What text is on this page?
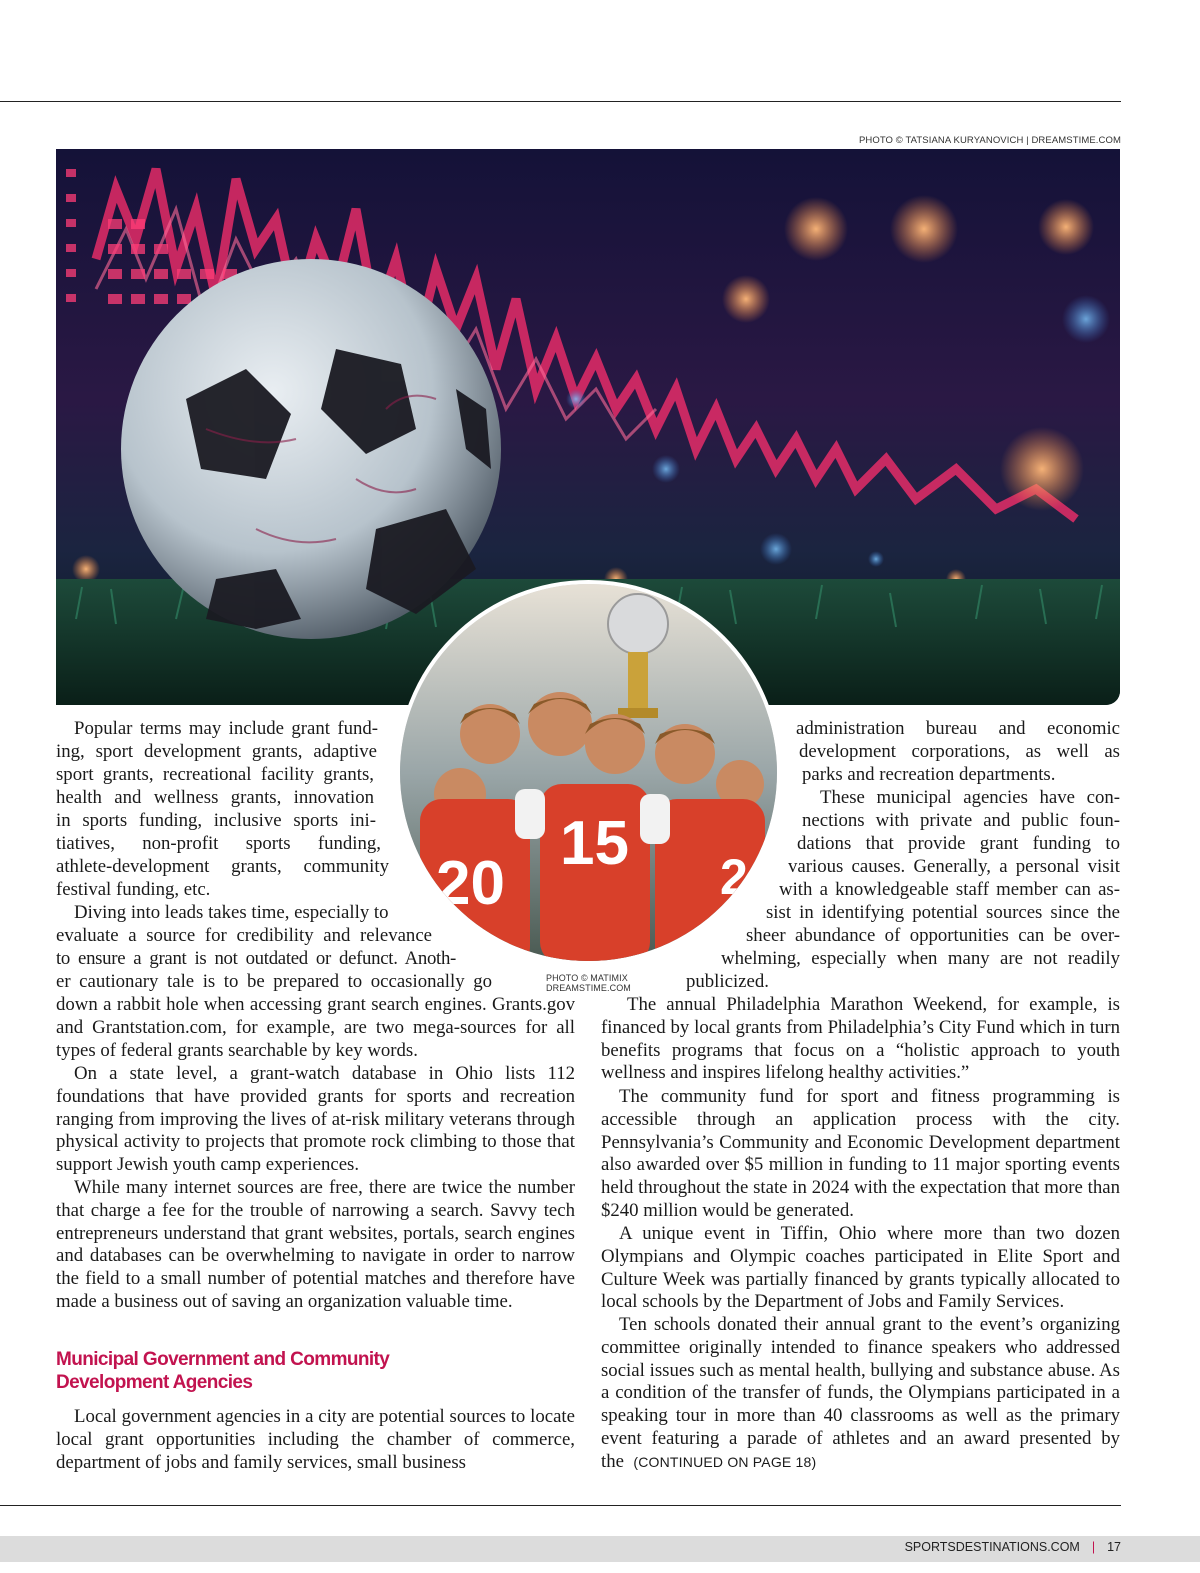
PHOTO © TATSIANA KURYANOVICH | DREAMSTIME.COM
20
15 2
PHOTO © MATIMIX
DREAMSTIME.COM
Popular terms may include grant fund-
ing, sport development grants, adaptive
sport grants, recreational facility grants,
health and wellness grants, innovation
in sports funding, inclusive sports ini-
tiatives, non-profit sports funding,
athlete-development grants, community
festival funding, etc.
Diving into leads takes time, especially to
evaluate a source for credibility and relevance
to ensure a grant is not outdated or defunct. Anoth-
er cautionary tale is to be prepared to occasionally go
down a rabbit hole when accessing grant search engines. Grants.gov and Grantstation.com, for example, are two mega-sources for all types of federal grants searchable by key words.
On a state level, a grant-watch database in Ohio lists 112 foundations that have provided grants for sports and recreation ranging from improving the lives of at-risk military veterans through physical activity to projects that promote rock climbing to those that support Jewish youth camp experiences.
While many internet sources are free, there are twice the number that charge a fee for the trouble of narrowing a search. Savvy tech entrepreneurs understand that grant websites, portals, search engines and databases can be overwhelming to navigate in order to narrow the field to a small number of potential matches and therefore have made a business out of saving an organization valuable time.
Municipal Government and Community
Development Agencies
Local government agencies in a city are potential sources to locate local grant opportunities including the chamber of commerce, department of jobs and family services, small business
administration bureau and economic
development corporations, as well as
parks and recreation departments.
These municipal agencies have con-
nections with private and public foun-
dations that provide grant funding to
various causes. Generally, a personal visit
with a knowledgeable staff member can as-
sist in identifying potential sources since the
sheer abundance of opportunities can be over-
whelming, especially when many are not readily
publicized.
The annual Philadelphia Marathon Weekend, for example, is financed by local grants from Philadelphia’s City Fund which in turn benefits programs that focus on a “holistic approach to youth wellness and inspires lifelong healthy activities.”
The community fund for sport and fitness programming is accessible through an application process with the city. Pennsylvania’s Community and Economic Development department also awarded over $5 million in funding to 11 major sporting events held throughout the state in 2024 with the expectation that more than $240 million would be generated.
A unique event in Tiffin, Ohio where more than two dozen Olympians and Olympic coaches participated in Elite Sport and Culture Week was partially financed by grants typically allocated to local schools by the Department of Jobs and Family Services.
Ten schools donated their annual grant to the event’s organizing committee originally intended to finance speakers who addressed social issues such as mental health, bullying and substance abuse. As a condition of the transfer of funds, the Olympians participated in a speaking tour in more than 40 classrooms as well as the primary event featuring a parade of athletes and an award presented by the (CONTINUED ON PAGE 18)
SPORTSDESTINATIONS.COM | 17
